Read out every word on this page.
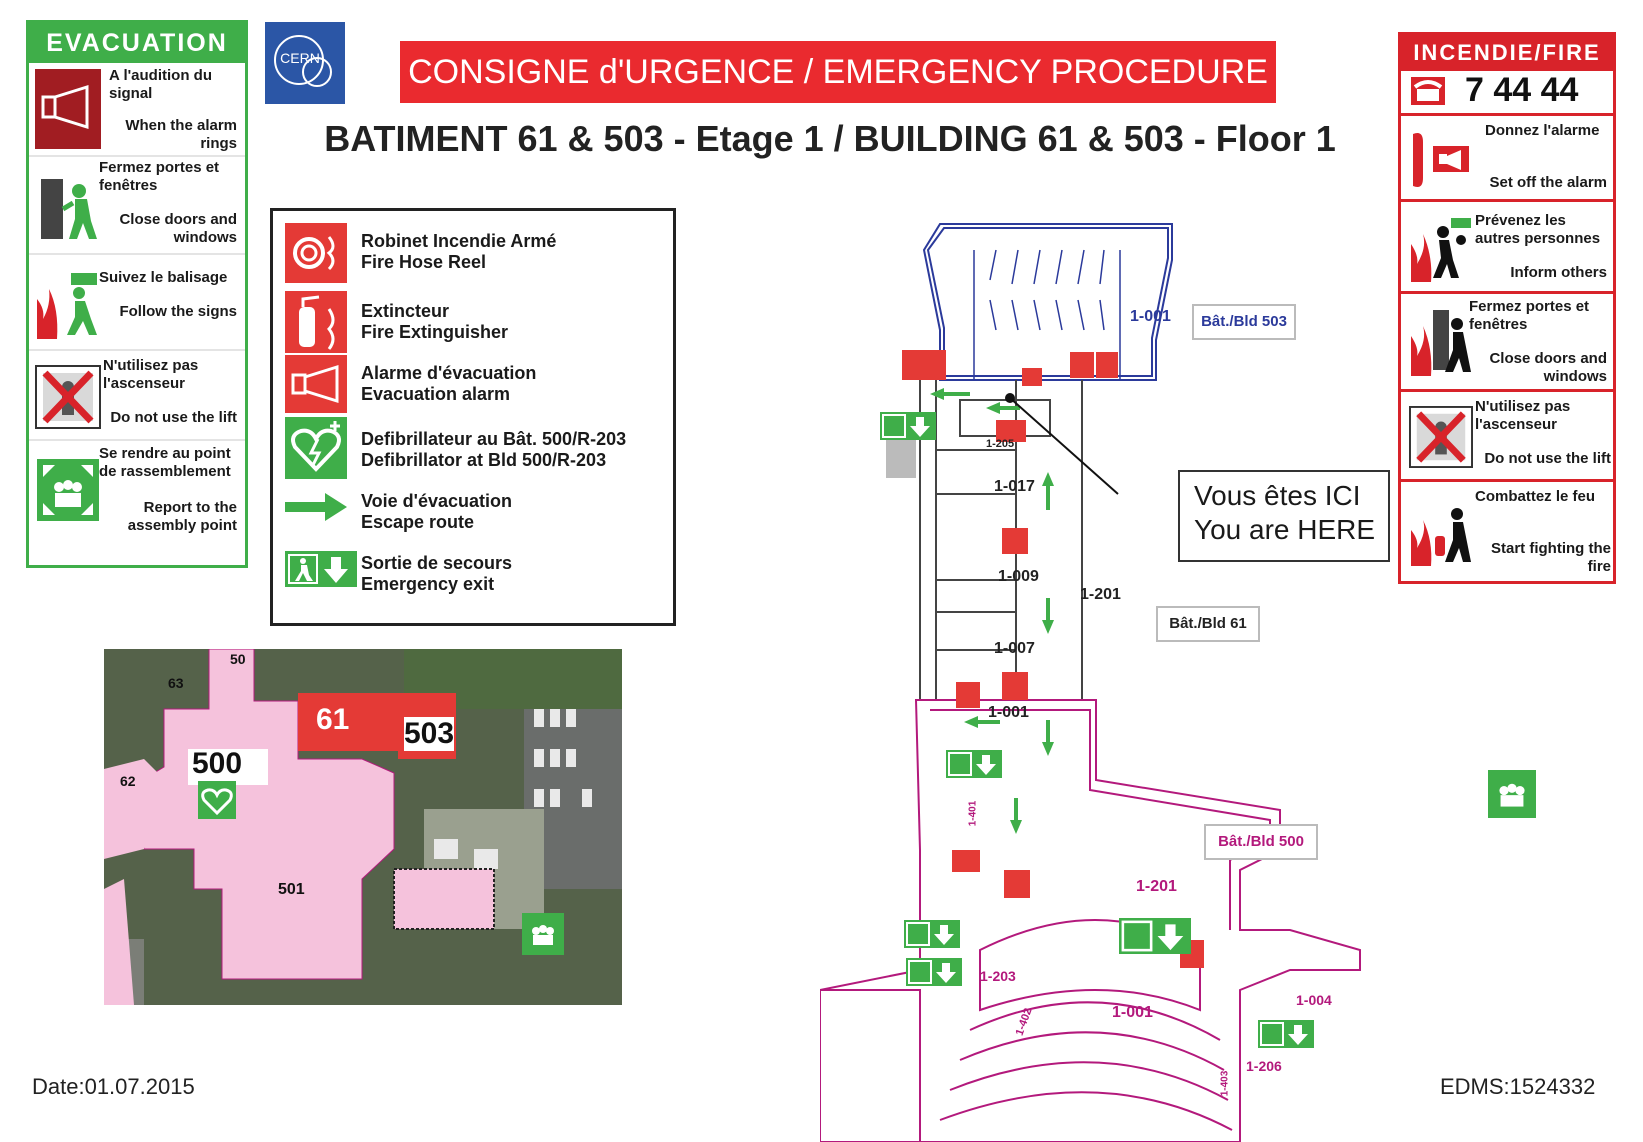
EVACUATION
A l'audition du signal
When the alarm rings
Fermez portes et fenêtres
Close doors and windows
Suivez le balisage
Follow the signs
N'utilisez pas l'ascenseur
Do not use the lift
Se rendre au point de rassemblement
Report to the assembly point
CERN	CONSIGNE d'URGENCE / EMERGENCY PROCEDURE
BATIMENT 61 & 503 - Etage 1 / BUILDING 61 & 503 - Floor 1
Robinet Incendie Armé
Fire Hose Reel
Extincteur
Fire Extinguisher
Alarme d'évacuation
Evacuation alarm
Defibrillateur au Bât. 500/R-203
Defibrillator at Bld 500/R-203
Voie d'évacuation
Escape route
Sortie de secours
Emergency exit
50
63
500
62
61 503
501
Bât./Bld 503
Bât./Bld 61
Bât./Bld 500
Vous êtes ICI
You are HERE
1-001
1-017
1-009
1-201
1-007
1-001
1-205
1-201
1-203
1-001
1-004
1-206
1-401
1-402
1-403
INCENDIE/FIRE
7 44 44
Donnez l'alarme
Set off the alarm
Prévenez les autres personnes
Inform others
Fermez portes et fenêtres
Close doors and windows
N'utilisez pas l'ascenseur
Do not use the lift
Combattez le feu
Start fighting the fire
Date:01.07.2015	EDMS:1524332
